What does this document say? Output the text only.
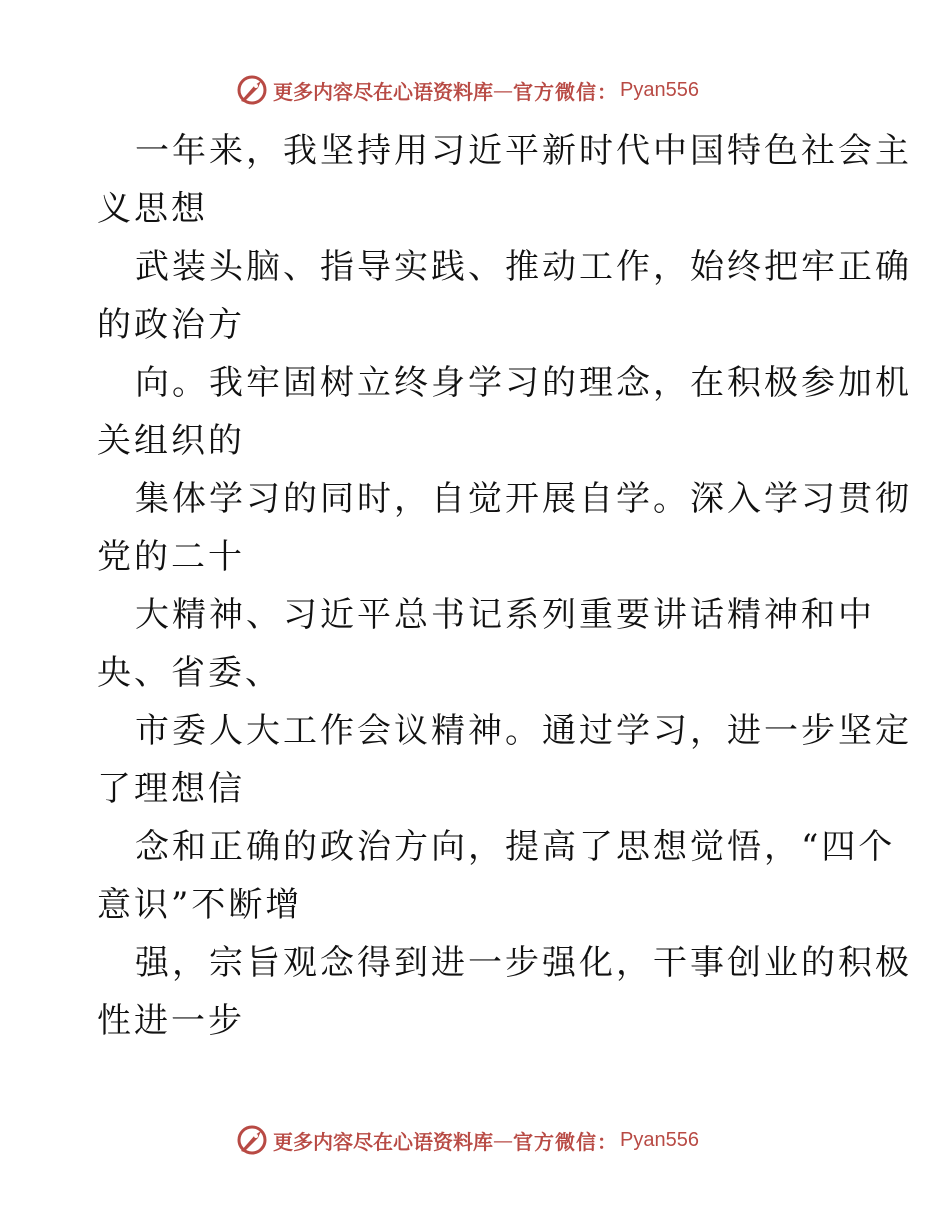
更多内容尽在心语资料库 — 官方微信： Pyan556
一年来，我坚持用习近平新时代中国特色社会主
义思想
武装头脑、指导实践、推动工作，始终把牢正确
的政治方
向。我牢固树立终身学习的理念，在积极参加机
关组织的
集体学习的同时，自觉开展自学。深入学习贯彻
党的二十
大精神、习近平总书记系列重要讲话精神和中
央、省委、
市委人大工作会议精神。通过学习，进一步坚定
了理想信
念和正确的政治方向，提高了思想觉悟，“四个
意识”不断增
强，宗旨观念得到进一步强化，干事创业的积极
性进一步
更多内容尽在心语资料库 — 官方微信： Pyan556
